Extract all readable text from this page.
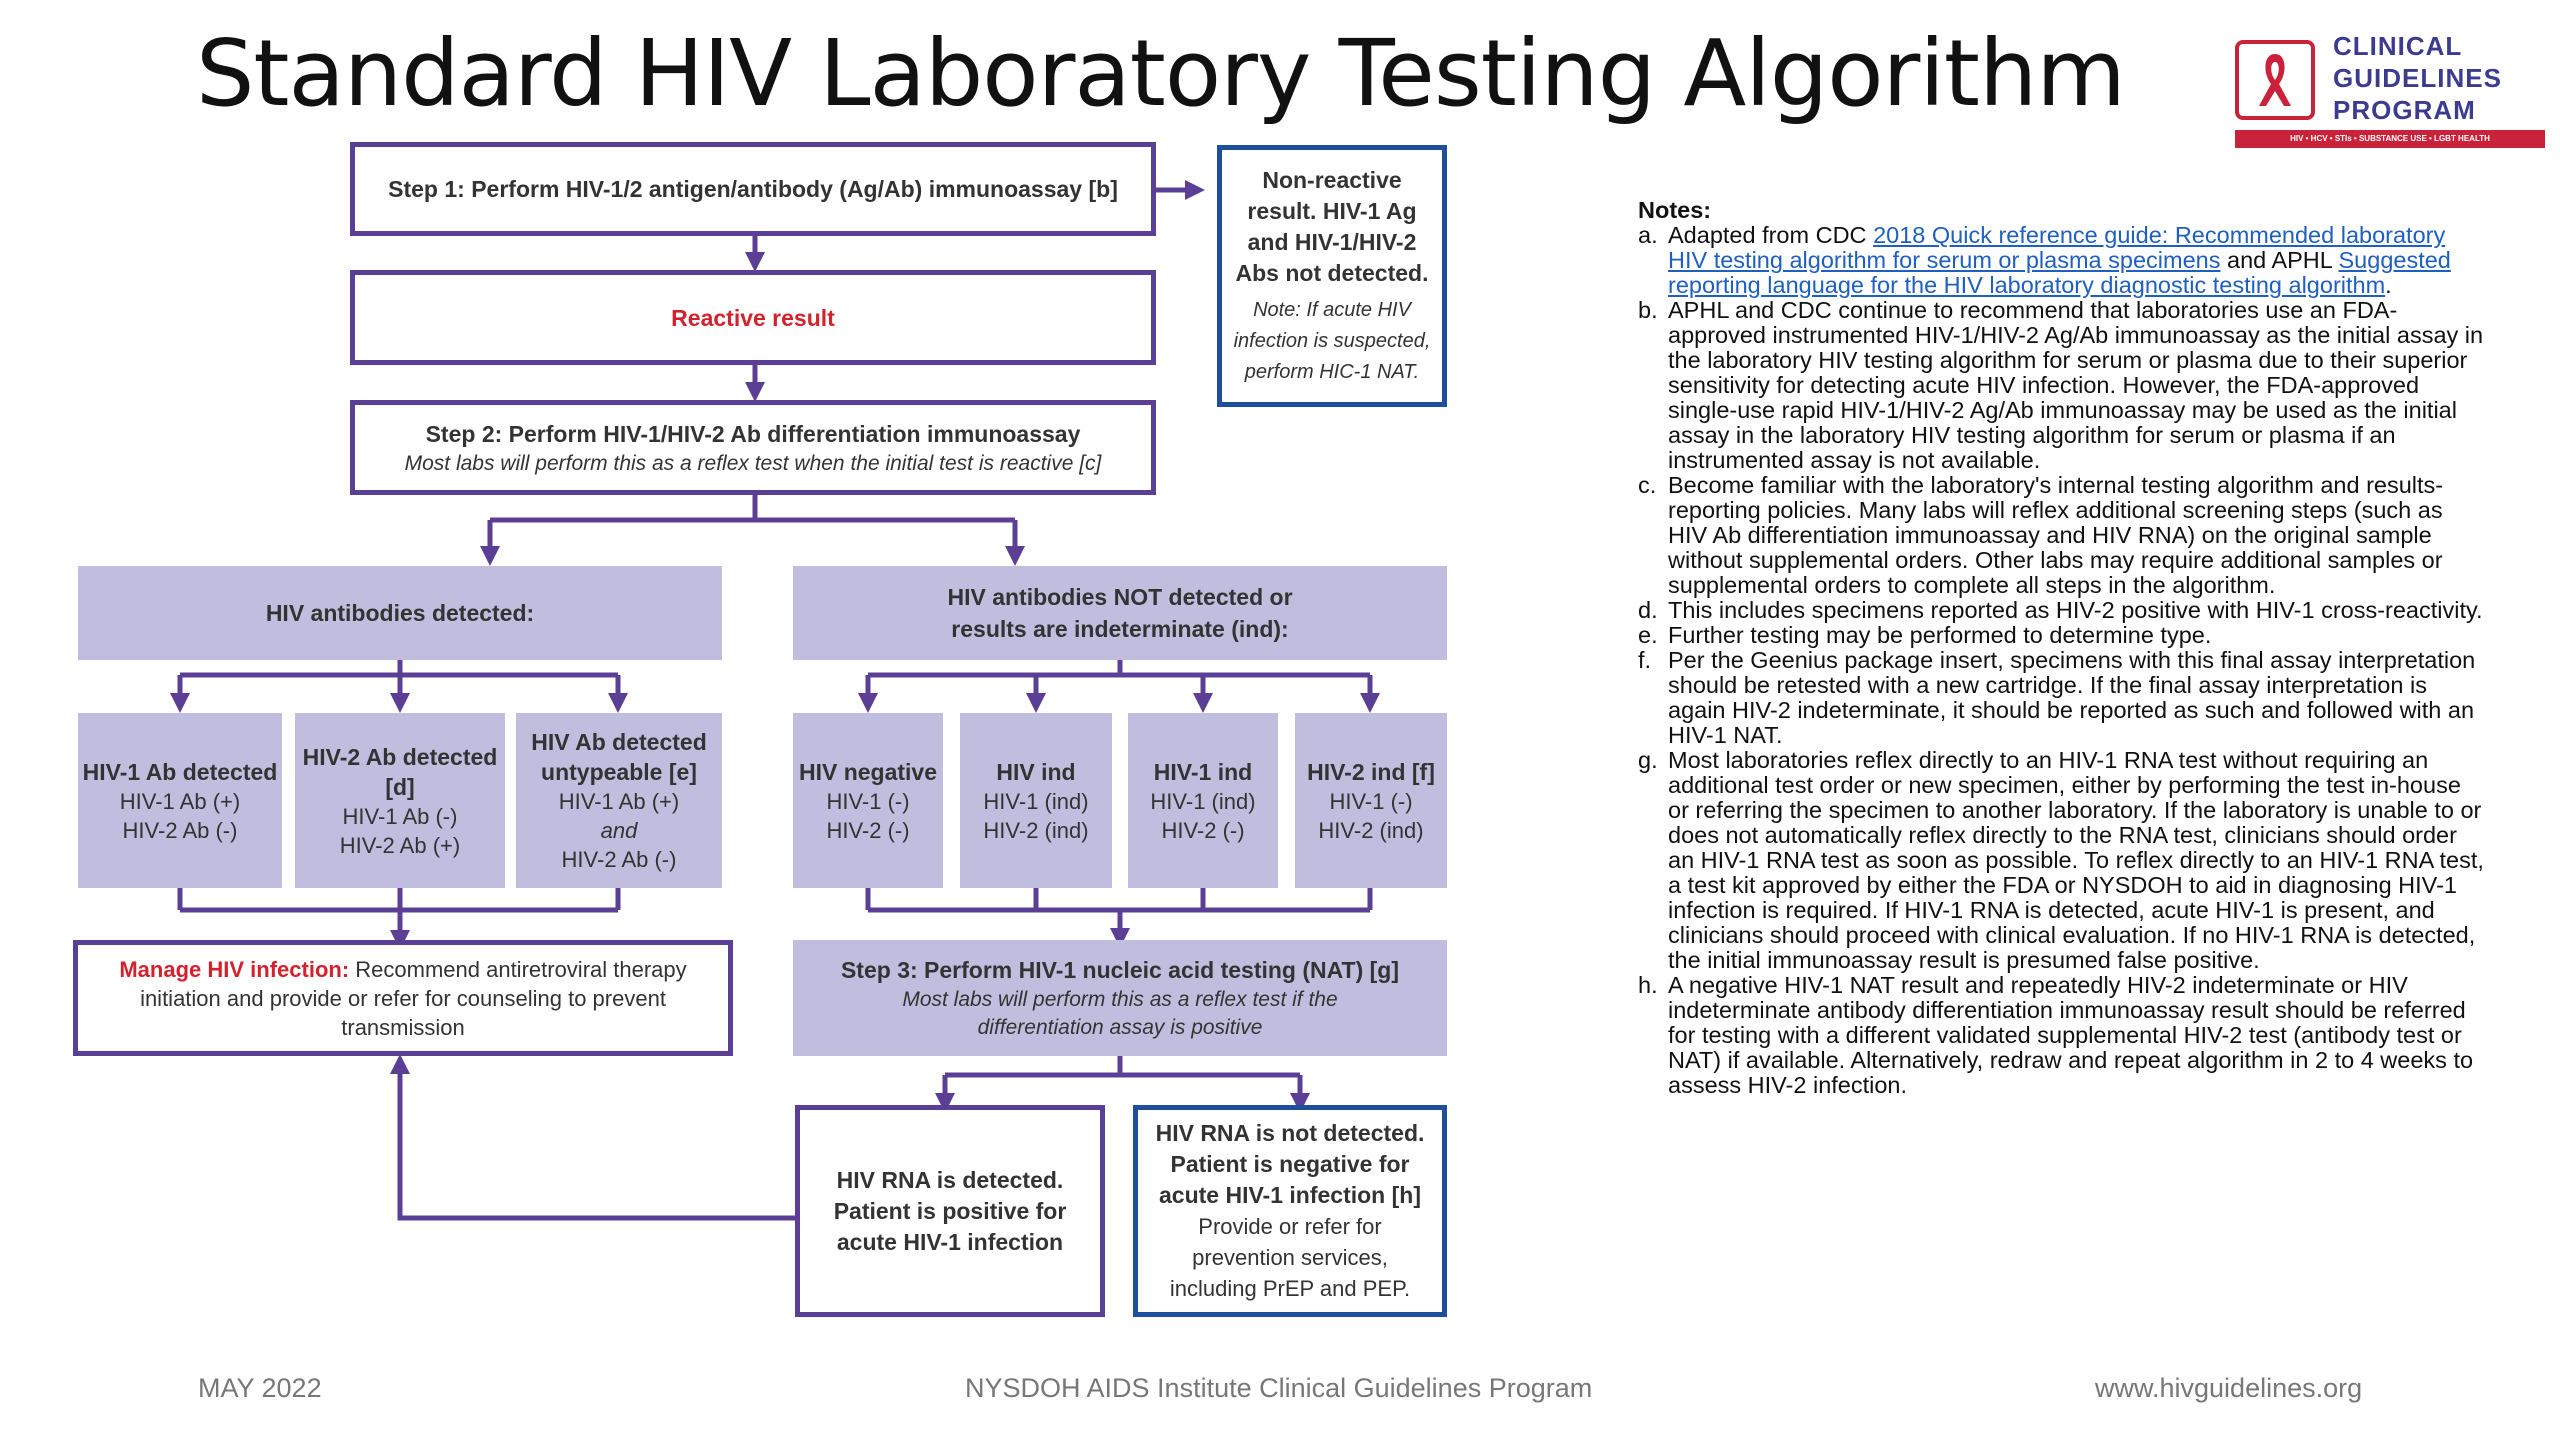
Standard HIV Laboratory Testing Algorithm	CLINICAL
GUIDELINES
PROGRAM
HIV • HCV • STIs • SUBSTANCE USE • LGBT HEALTH
Step 1: Perform HIV-1/2 antigen/antibody (Ag/Ab) immunoassay [b]	Non-reactive result. HIV-1 Ag and HIV-1/HIV-2 Abs not detected.
Note: If acute HIV infection is suspected, perform HIC-1 NAT.
Reactive result
Step 2: Perform HIV-1/HIV-2 Ab differentiation immunoassay
Most labs will perform this as a reflex test when the initial test is reactive [c]
HIV antibodies detected:
HIV antibodies NOT detected or results are indeterminate (ind):
HIV-1 Ab detected
HIV-1 Ab (+)
HIV-2 Ab (-)
HIV-2 Ab detected [d]
HIV-1 Ab (-)
HIV-2 Ab (+)
HIV Ab detected untypeable [e]
HIV-1 Ab (+)
and
HIV-2 Ab (-)
HIV negative
HIV-1 (-)
HIV-2 (-)
HIV ind
HIV-1 (ind)
HIV-2 (ind)
HIV-1 ind
HIV-1 (ind)
HIV-2 (-)
HIV-2 ind [f]
HIV-1 (-)
HIV-2 (ind)
Manage HIV infection: Recommend antiretroviral therapy initiation and provide or refer for counseling to prevent transmission
Step 3: Perform HIV-1 nucleic acid testing (NAT) [g]
Most labs will perform this as a reflex test if the differentiation assay is positive
HIV RNA is detected. Patient is positive for acute HIV-1 infection
HIV RNA is not detected. Patient is negative for acute HIV-1 infection [h]
Provide or refer for prevention services, including PrEP and PEP.
Notes:
a. Adapted from CDC 2018 Quick reference guide: Recommended laboratory HIV testing algorithm for serum or plasma specimens and APHL Suggested reporting language for the HIV laboratory diagnostic testing algorithm.
b. APHL and CDC continue to recommend that laboratories use an FDA-approved instrumented HIV-1/HIV-2 Ag/Ab immunoassay as the initial assay in the laboratory HIV testing algorithm for serum or plasma due to their superior sensitivity for detecting acute HIV infection. However, the FDA-approved single-use rapid HIV-1/HIV-2 Ag/Ab immunoassay may be used as the initial assay in the laboratory HIV testing algorithm for serum or plasma if an instrumented assay is not available.
c. Become familiar with the laboratory's internal testing algorithm and results-reporting policies. Many labs will reflex additional screening steps (such as HIV Ab differentiation immunoassay and HIV RNA) on the original sample without supplemental orders. Other labs may require additional samples or supplemental orders to complete all steps in the algorithm.
d. This includes specimens reported as HIV-2 positive with HIV-1 cross-reactivity.
e. Further testing may be performed to determine type.
f. Per the Geenius package insert, specimens with this final assay interpretation should be retested with a new cartridge. If the final assay interpretation is again HIV-2 indeterminate, it should be reported as such and followed with an HIV-1 NAT.
g. Most laboratories reflex directly to an HIV-1 RNA test without requiring an additional test order or new specimen, either by performing the test in-house or referring the specimen to another laboratory. If the laboratory is unable to or does not automatically reflex directly to the RNA test, clinicians should order an HIV-1 RNA test as soon as possible. To reflex directly to an HIV-1 RNA test, a test kit approved by either the FDA or NYSDOH to aid in diagnosing HIV-1 infection is required. If HIV-1 RNA is detected, acute HIV-1 is present, and clinicians should proceed with clinical evaluation. If no HIV-1 RNA is detected, the initial immunoassay result is presumed false positive.
h. A negative HIV-1 NAT result and repeatedly HIV-2 indeterminate or HIV indeterminate antibody differentiation immunoassay result should be referred for testing with a different validated supplemental HIV-2 test (antibody test or NAT) if available. Alternatively, redraw and repeat algorithm in 2 to 4 weeks to assess HIV-2 infection.
MAY 2022	NYSDOH AIDS Institute Clinical Guidelines Program	www.hivguidelines.org
